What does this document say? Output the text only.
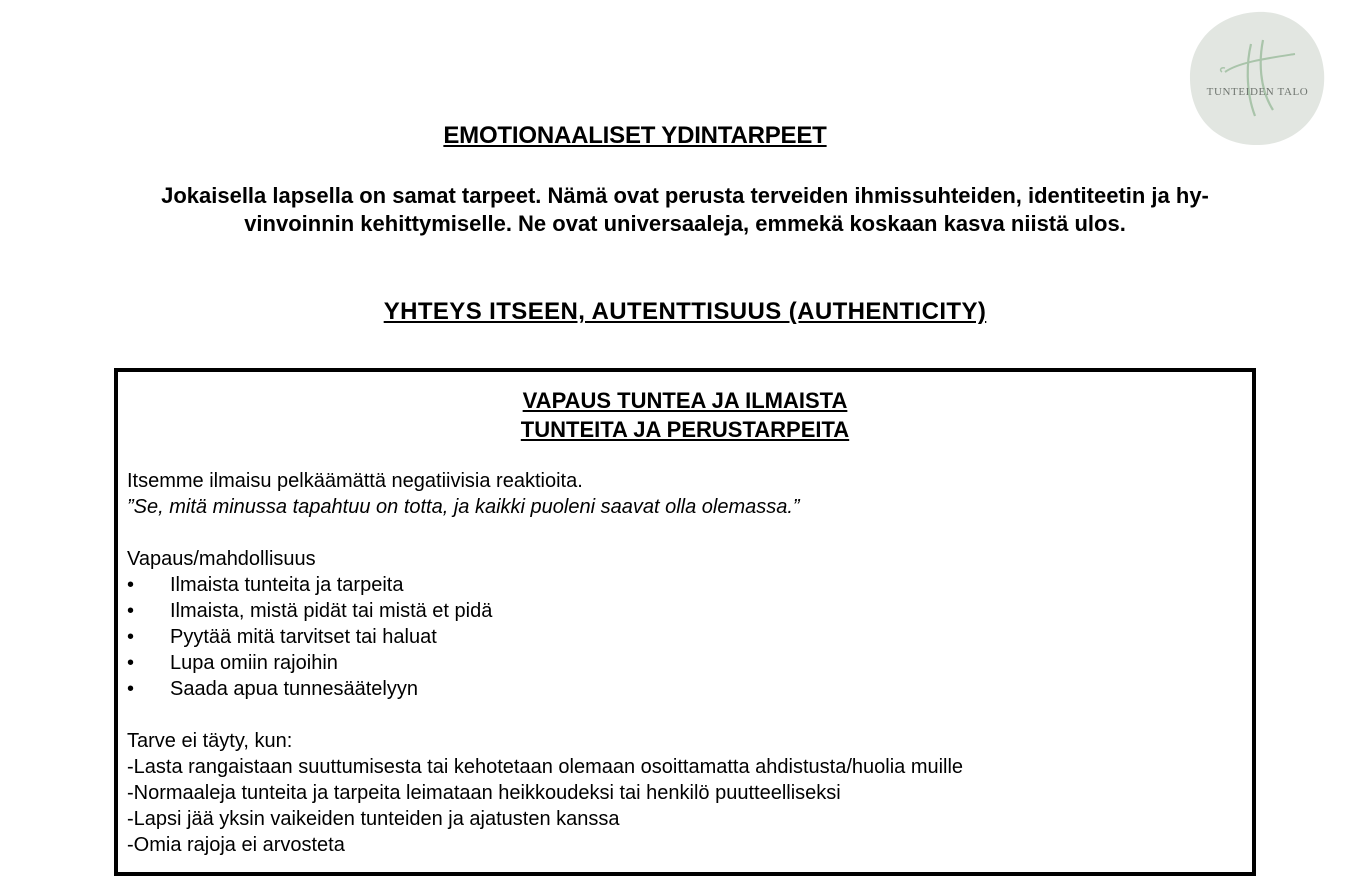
TUNTEIDEN TALO
EMOTIONAALISET YDINTARPEET
Jokaisella lapsella on samat tarpeet. Nämä ovat perusta terveiden ihmissuhteiden, identiteetin ja hy-
vinvoinnin kehittymiselle. Ne ovat universaaleja, emmekä koskaan kasva niistä ulos.
YHTEYS ITSEEN, AUTENTTISUUS (AUTHENTICITY)
VAPAUS TUNTEA JA ILMAISTA
TUNTEITA JA PERUSTARPEITA
Itsemme ilmaisu pelkäämättä negatiivisia reaktioita.
”Se, mitä minussa tapahtuu on totta, ja kaikki puoleni saavat olla olemassa.”
Vapaus/mahdollisuus
•	Ilmaista tunteita ja tarpeita
•	Ilmaista, mistä pidät tai mistä et pidä
•	Pyytää mitä tarvitset tai haluat
•	Lupa omiin rajoihin
•	Saada apua tunnesäätelyyn
Tarve ei täyty, kun:
-Lasta rangaistaan suuttumisesta tai kehotetaan olemaan osoittamatta ahdistusta/huolia muille
-Normaaleja tunteita ja tarpeita leimataan heikkoudeksi tai henkilö puutteelliseksi
-Lapsi jää yksin vaikeiden tunteiden ja ajatusten kanssa
-Omia rajoja ei arvosteta
